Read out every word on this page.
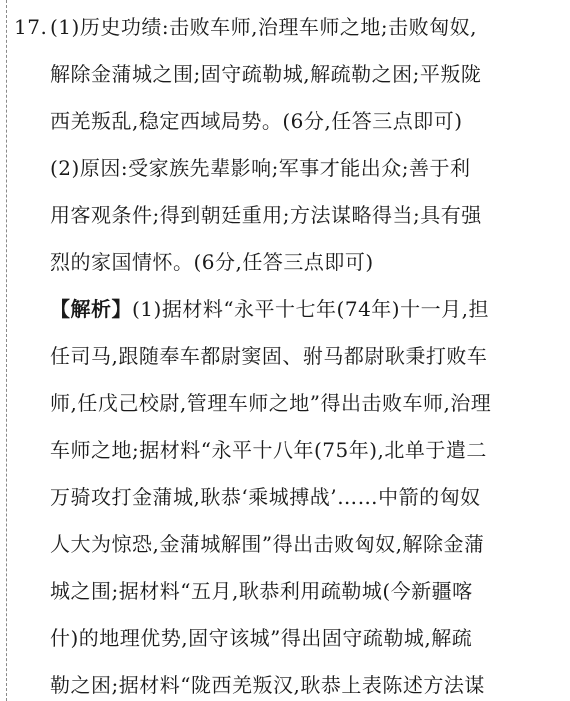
17. (1)历史功绩:击败车师,治理车师之地;击败匈奴,
解除金蒲城之围;固守疏勒城,解疏勒之困;平叛陇
西羌叛乱,稳定西域局势。(6分,任答三点即可)
(2)原因:受家族先辈影响;军事才能出众;善于利
用客观条件;得到朝廷重用;方法谋略得当;具有强
烈的家国情怀。(6分,任答三点即可)
【解析】(1)据材料“永平十七年(74年)十一月,担
任司马,跟随奉车都尉窦固、驸马都尉耿秉打败车
师,任戊己校尉,管理车师之地”得出击败车师,治理
车师之地;据材料“永平十八年(75年),北单于遣二
万骑攻打金蒲城,耿恭‘乘城搏战’……中箭的匈奴
人大为惊恐,金蒲城解围”得出击败匈奴,解除金蒲
城之围;据材料“五月,耿恭利用疏勒城(今新疆喀
什)的地理优势,固守该城”得出固守疏勒城,解疏
勒之困;据材料“陇西羌叛汉,耿恭上表陈述方法谋
